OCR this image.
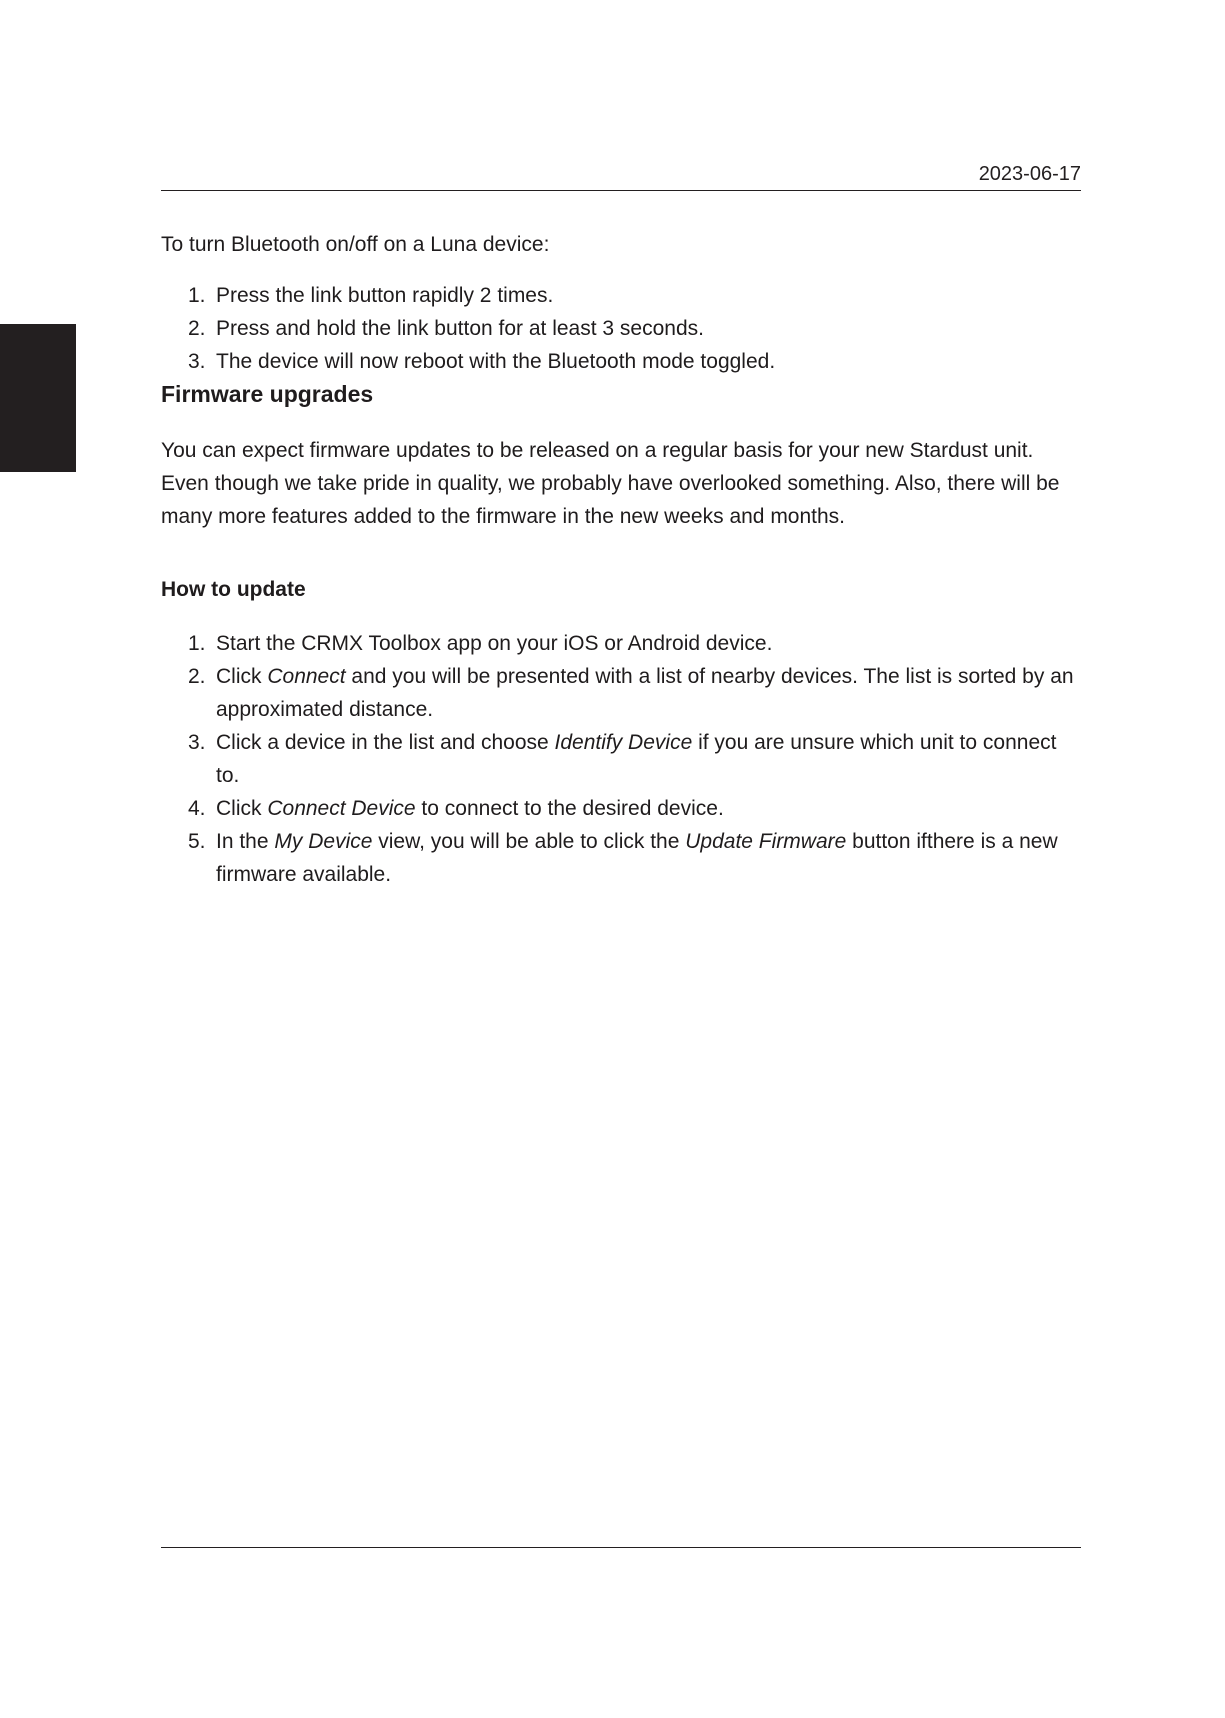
2023-06-17

To turn Bluetooth on/off on a Luna device:

1. Press the link button rapidly 2 times.
2. Press and hold the link button for at least 3 seconds.
3. The device will now reboot with the Bluetooth mode toggled.
Firmware upgrades

You can expect firmware updates to be released on a regular basis for your new Stardust unit. Even though we take pride in quality, we probably have overlooked something. Also, there will be many more features added to the firmware in the new weeks and months.

How to update
1. Start the CRMX Toolbox app on your iOS or Android device.
2. Click Connect and you will be presented with a list of nearby devices. The list is sorted by an approximated distance.
3. Click a device in the list and choose Identify Device if you are unsure which unit to connect to.
4. Click Connect Device to connect to the desired device.
5. In the My Device view, you will be able to click the Update Firmware button ifthere is a new firmware available.
